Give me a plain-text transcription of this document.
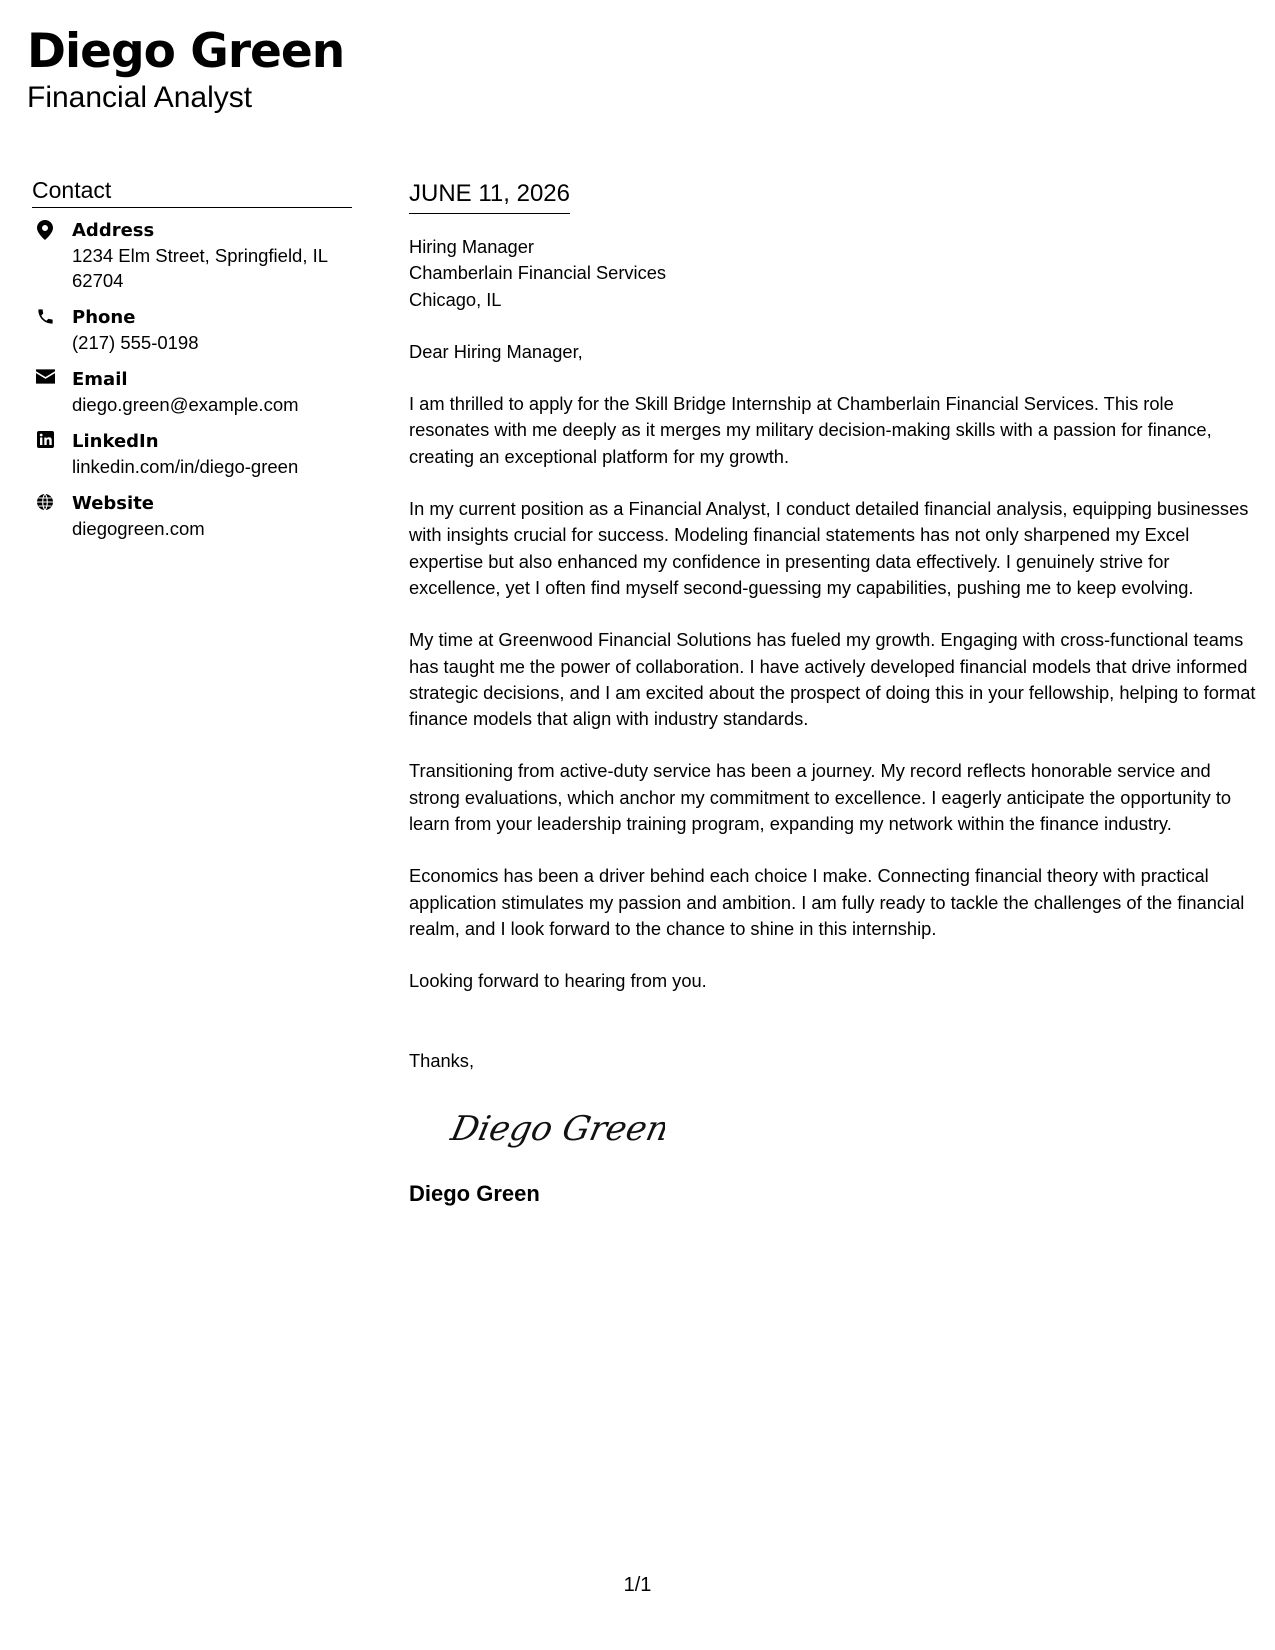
Diego Green
Financial Analyst
Contact
Address
1234 Elm Street, Springfield, IL 62704
Phone
(217) 555-0198
Email
diego.green@example.com
LinkedIn
linkedin.com/in/diego-green
Website
diegogreen.com
JUNE 11, 2026
Hiring Manager
Chamberlain Financial Services
Chicago, IL

Dear Hiring Manager,

I am thrilled to apply for the Skill Bridge Internship at Chamberlain Financial Services. This role resonates with me deeply as it merges my military decision-making skills with a passion for finance, creating an exceptional platform for my growth.

In my current position as a Financial Analyst, I conduct detailed financial analysis, equipping businesses with insights crucial for success. Modeling financial statements has not only sharpened my Excel expertise but also enhanced my confidence in presenting data effectively. I genuinely strive for excellence, yet I often find myself second-guessing my capabilities, pushing me to keep evolving.

My time at Greenwood Financial Solutions has fueled my growth. Engaging with cross-functional teams has taught me the power of collaboration. I have actively developed financial models that drive informed strategic decisions, and I am excited about the prospect of doing this in your fellowship, helping to format finance models that align with industry standards.

Transitioning from active-duty service has been a journey. My record reflects honorable service and strong evaluations, which anchor my commitment to excellence. I eagerly anticipate the opportunity to learn from your leadership training program, expanding my network within the finance industry.

Economics has been a driver behind each choice I make. Connecting financial theory with practical application stimulates my passion and ambition. I am fully ready to tackle the challenges of the financial realm, and I look forward to the chance to shine in this internship.

Looking forward to hearing from you.

Thanks,
Diego Green
Diego Green
1/1
